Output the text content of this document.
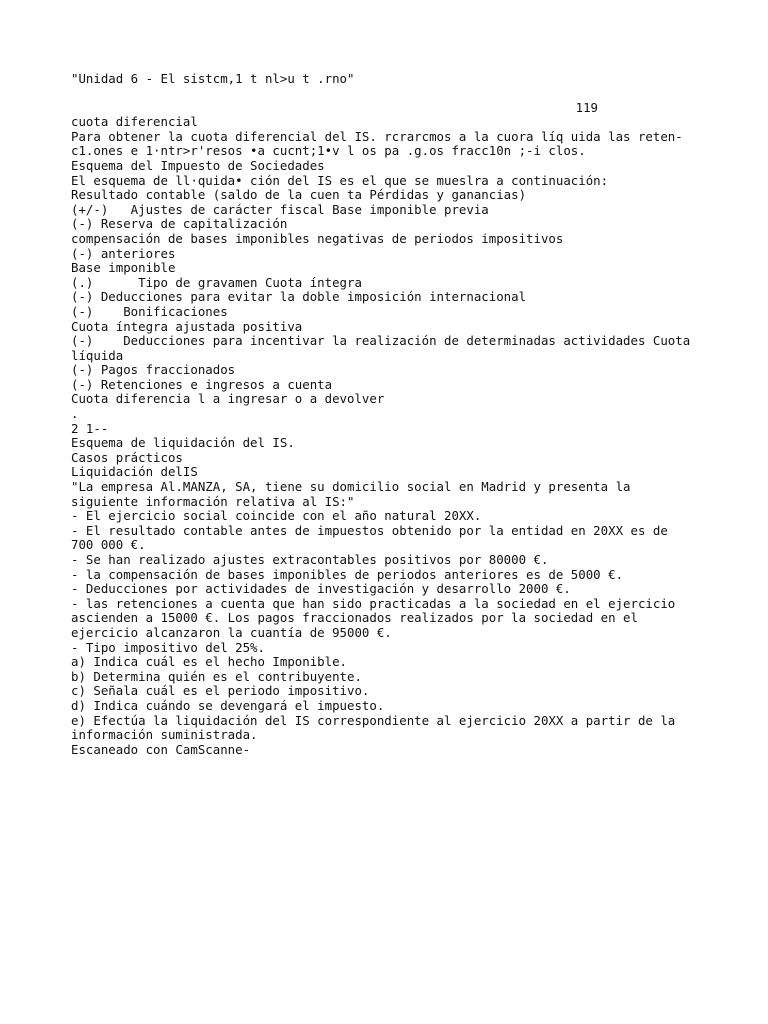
"Unidad 6 - El sistcm,1 t nl>u t .rno"
119
cuota diferencial
Para obtener la cuota diferencial del IS. rcrarcmos a la cuora líq uida las reten-
c1.ones e 1·ntr>r'resos •a cucnt;1•v l os pa .g.os fracc10n ;-i clos.
Esquema del Impuesto de Sociedades
El esquema de ll·quida• ción del IS es el que se mueslra a continuación:
Resultado contable (saldo de la cuen ta Pérdidas y ganancias)
(+/-)   Ajustes de carácter fiscal Base imponible previa
(-) Reserva de capitalización
compensación de bases imponibles negativas de periodos impositivos
(-) anteriores
Base imponible
(.)      Tipo de gravamen Cuota íntegra
(-) Deducciones para evitar la doble imposición internacional
(-)    Bonificaciones
Cuota íntegra ajustada positiva
(-)    Deducciones para incentivar la realización de determinadas actividades Cuota
líquida
(-) Pagos fraccionados
(-) Retenciones e ingresos a cuenta
Cuota diferencia l a ingresar o a devolver
.
2 1--
Esquema de liquidación del IS.
Casos prácticos
Liquidación delIS
"La empresa Al.MANZA, SA, tiene su domicilio social en Madrid y presenta la
siguiente información relativa al IS:"
- El ejercicio social coincide con el año natural 20XX.
- El resultado contable antes de impuestos obtenido por la entidad en 20XX es de
700 000 €.
- Se han realizado ajustes extracontables positivos por 80000 €.
- la compensación de bases imponibles de periodos anteriores es de 5000 €.
- Deducciones por actividades de investigación y desarrollo 2000 €.
- las retenciones a cuenta que han sido practicadas a la sociedad en el ejercicio
ascienden a 15000 €. Los pagos fraccionados realizados por la sociedad en el
ejercicio alcanzaron la cuantía de 95000 €.
- Tipo impositivo del 25%.
a) Indica cuál es el hecho Imponible.
b) Determina quién es el contribuyente.
c) Señala cuál es el periodo impositivo.
d) Indica cuándo se devengará el impuesto.
e) Efectúa la liquidación del IS correspondiente al ejercicio 20XX a partir de la
información suministrada.
Escaneado con CamScanne-
